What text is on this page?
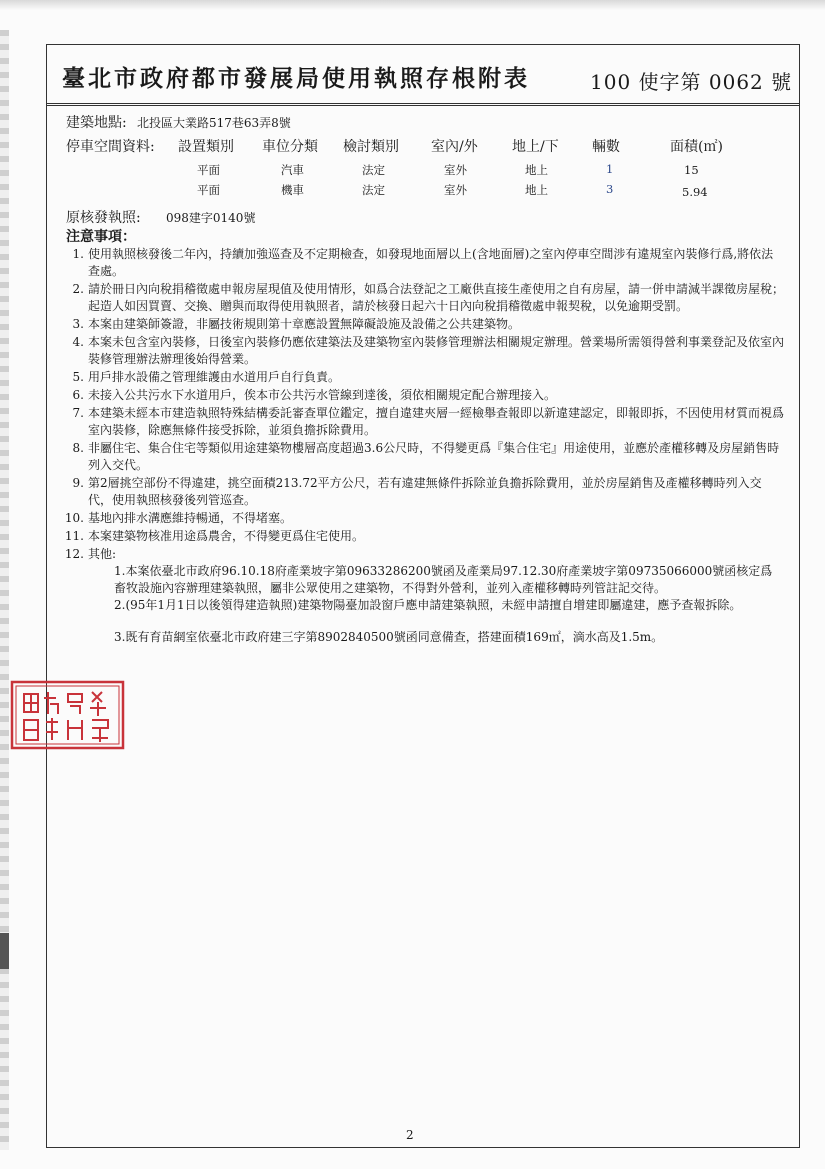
臺北市政府都市發展局使用執照存根附表	100 使字第 0062 號
建築地點: 北投區大業路517巷63弄8號
停車空間資料: 設置類別 車位分類 檢討類別 室內/外 地上/下 輛數	面積(㎡)
平面	汽車	法定	室外	地上	1	15
平面	機車	法定	室外	地上	3	5.94
原核發執照: 098建字0140號
注意事項：
1. 使用執照核發後二年內，持續加強巡查及不定期檢查，如發現地面層以上(含地面層)之室內停車空間涉有違規室內裝修行爲,將依法查處。
2. 請於冊日內向稅捐稽徵處申報房屋現值及使用情形，如爲合法登記之工廠供直接生產使用之自有房屋，請一併申請減半課徵房屋稅；起造人如因買賣、交換、贈與而取得使用執照者，請於核發日起六十日內向稅捐稽徵處申報契稅，以免逾期受罰。
3. 本案由建築師簽證，非屬技術規則第十章應設置無障礙設施及設備之公共建築物。
4. 本案未包含室內裝修，日後室內裝修仍應依建築法及建築物室內裝修管理辦法相關規定辦理。營業場所需領得營利事業登記及依室內裝修管理辦法辦理後始得營業。
5. 用戶排水設備之管理維護由水道用戶自行負責。
6. 未接入公共污水下水道用戶，俟本市公共污水管線到達後，須依相關規定配合辦理接入。
7. 本建築未經本市建造執照特殊結構委託審查單位鑑定，擅自違建夾層一經檢舉查報即以新違建認定，即報即拆，不因使用材質而視爲室內裝修，除應無條件接受拆除，並須負擔拆除費用。
8. 非屬住宅、集合住宅等類似用途建築物樓層高度超過3.6公尺時，不得變更爲『集合住宅』用途使用，並應於產權移轉及房屋銷售時列入交代。
9. 第2層挑空部份不得違建，挑空面積213.72平方公尺，若有違建無條件拆除並負擔拆除費用，並於房屋銷售及產權移轉時列入交代，使用執照核發後列管巡查。
10. 基地內排水溝應維持暢通，不得堵塞。
11. 本案建築物核准用途爲農舍，不得變更爲住宅使用。
12. 其他:
1.本案依臺北市政府96.10.18府產業坡字第09633286200號函及產業局97.12.30府產業坡字第09735066000號函核定爲畜牧設施內容辦理建築執照，屬非公眾使用之建築物，不得對外營利，並列入產權移轉時列管註記交待。
2.(95年1月1日以後領得建造執照)建築物陽臺加設窗戶應申請建築執照，未經申請擅自增建即屬違建，應予查報拆除。
3.既有育苗網室依臺北市政府建三字第8902840500號函同意備查，搭建面積169㎡，滴水高及1.5m。
2
